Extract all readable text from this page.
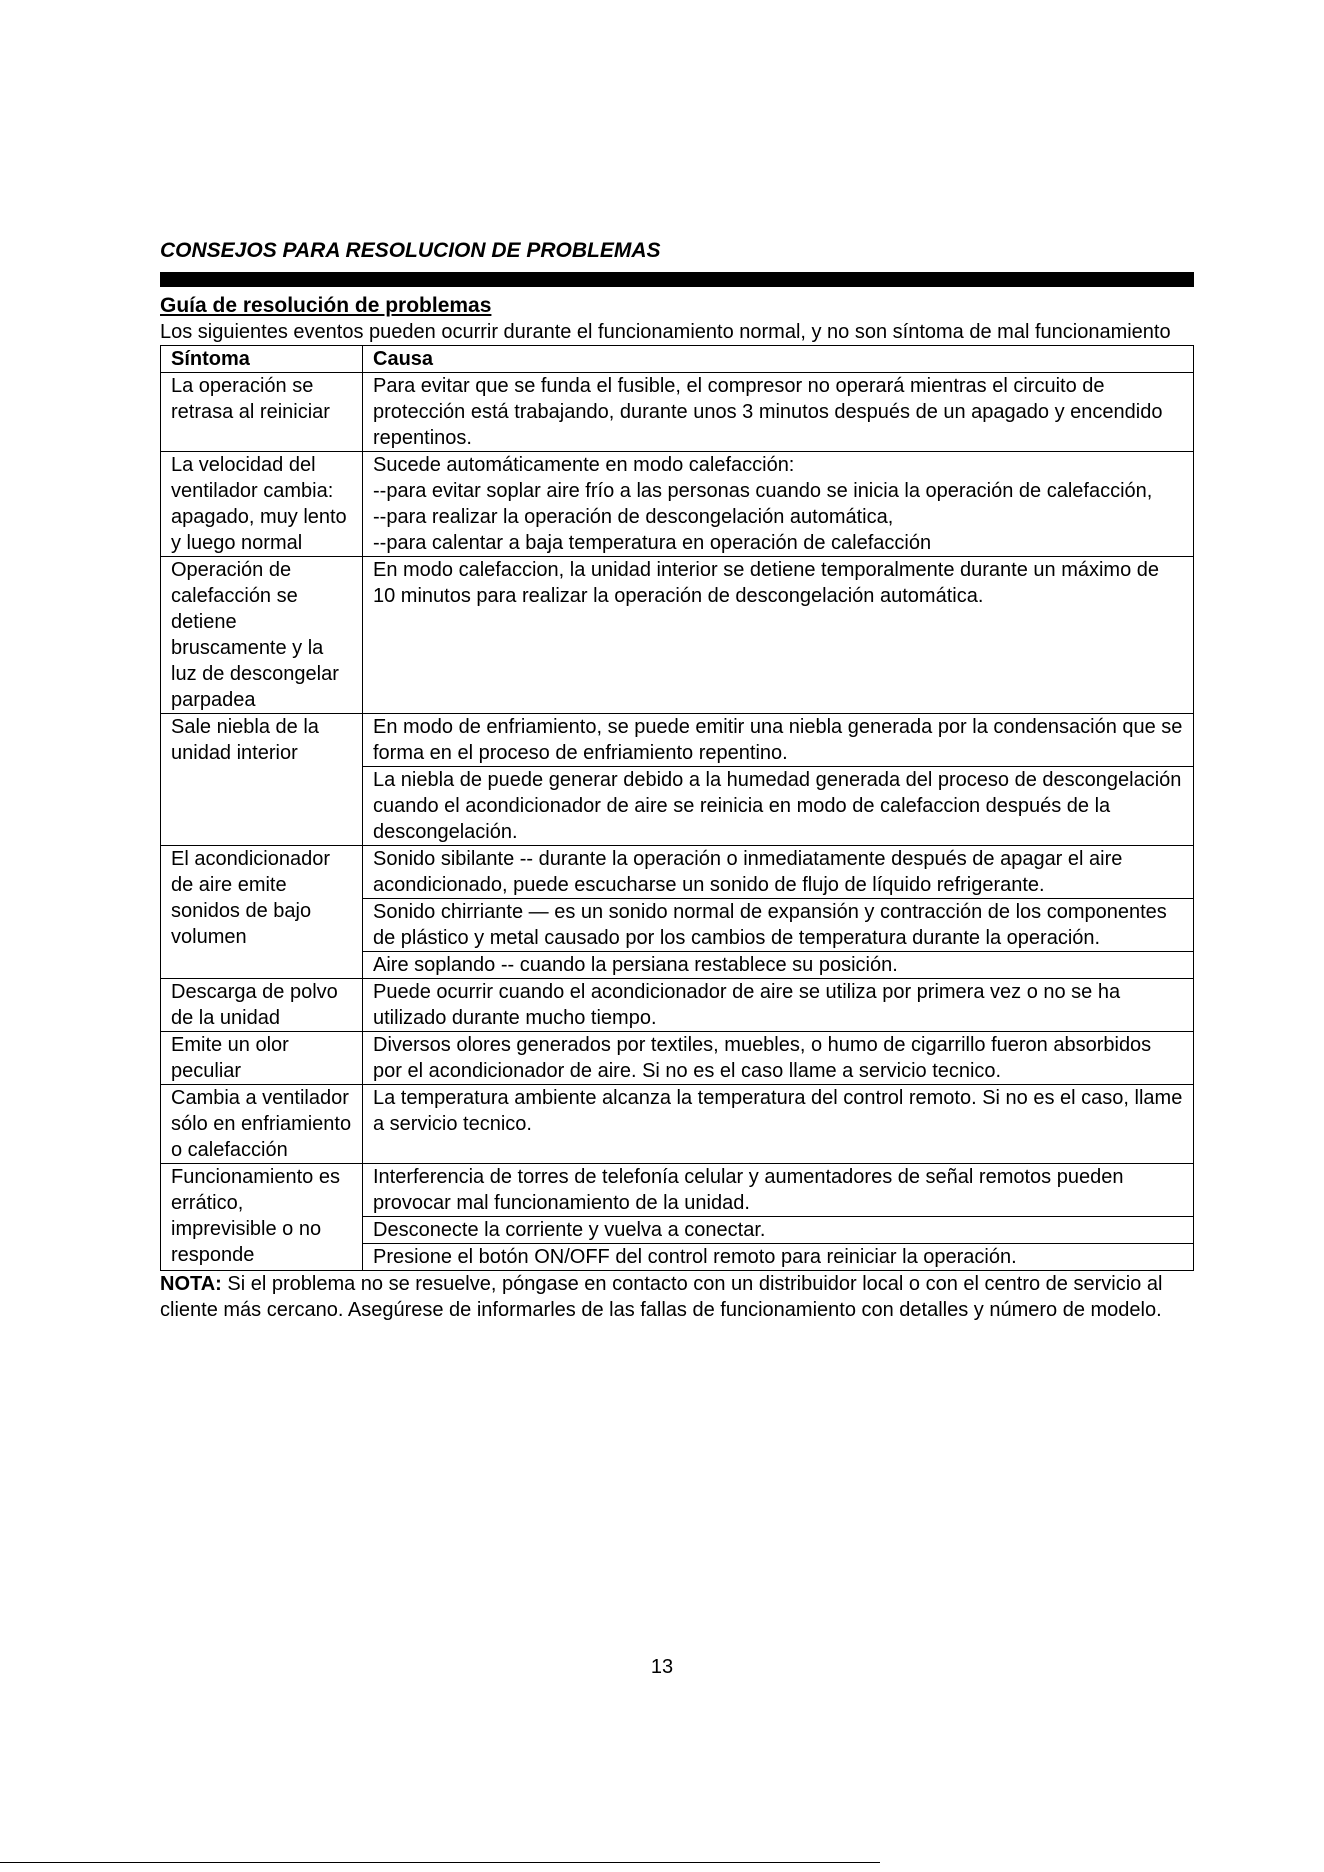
CONSEJOS PARA RESOLUCION DE PROBLEMAS
Guía de resolución de problemas
Los siguientes eventos pueden ocurrir durante el funcionamiento normal, y no son síntoma de mal funcionamiento
Síntoma	Causa
La operación se retrasa al reiniciar	Para evitar que se funda el fusible, el compresor no operará mientras el circuito de protección está trabajando, durante unos 3 minutos después de un apagado y encendido repentinos.
La velocidad del ventilador cambia: apagado, muy lento y luego normal	Sucede automáticamente en modo calefacción:
--para evitar soplar aire frío a las personas cuando se inicia la operación de calefacción,
--para realizar la operación de descongelación automática,
--para calentar a baja temperatura en operación de calefacción
Operación de calefacción se detiene bruscamente y la luz de descongelar parpadea	En modo calefaccion, la unidad interior se detiene temporalmente durante un máximo de 10 minutos para realizar la operación de descongelación automática.
Sale niebla de la unidad interior	En modo de enfriamiento, se puede emitir una niebla generada por la condensación que se forma en el proceso de enfriamiento repentino.
	La niebla de puede generar debido a la humedad generada del proceso de descongelación cuando el acondicionador de aire se reinicia en modo de calefaccion después de la descongelación.
El acondicionador de aire emite sonidos de bajo volumen	Sonido sibilante -- durante la operación o inmediatamente después de apagar el aire acondicionado, puede escucharse un sonido de flujo de líquido refrigerante.
	Sonido chirriante — es un sonido normal de expansión y contracción de los componentes de plástico y metal causado por los cambios de temperatura durante la operación.
	Aire soplando -- cuando la persiana restablece su posición.
Descarga de polvo de la unidad	Puede ocurrir cuando el acondicionador de aire se utiliza por primera vez o no se ha utilizado durante mucho tiempo.
Emite un olor peculiar	Diversos olores generados por textiles, muebles, o humo de cigarrillo fueron absorbidos por el acondicionador de aire. Si no es el caso llame a servicio tecnico.
Cambia a ventilador sólo en enfriamiento o calefacción	La temperatura ambiente alcanza la temperatura del control remoto. Si no es el caso, llame a servicio tecnico.
Funcionamiento es errático, imprevisible o no responde	Interferencia de torres de telefonía celular y aumentadores de señal remotos pueden provocar mal funcionamiento de la unidad.
	Desconecte la corriente y vuelva a conectar.
	Presione el botón ON/OFF del control remoto para reiniciar la operación.
NOTA: Si el problema no se resuelve, póngase en contacto con un distribuidor local o con el centro de servicio al cliente más cercano. Asegúrese de informarles de las fallas de funcionamiento con detalles y número de modelo.
13
